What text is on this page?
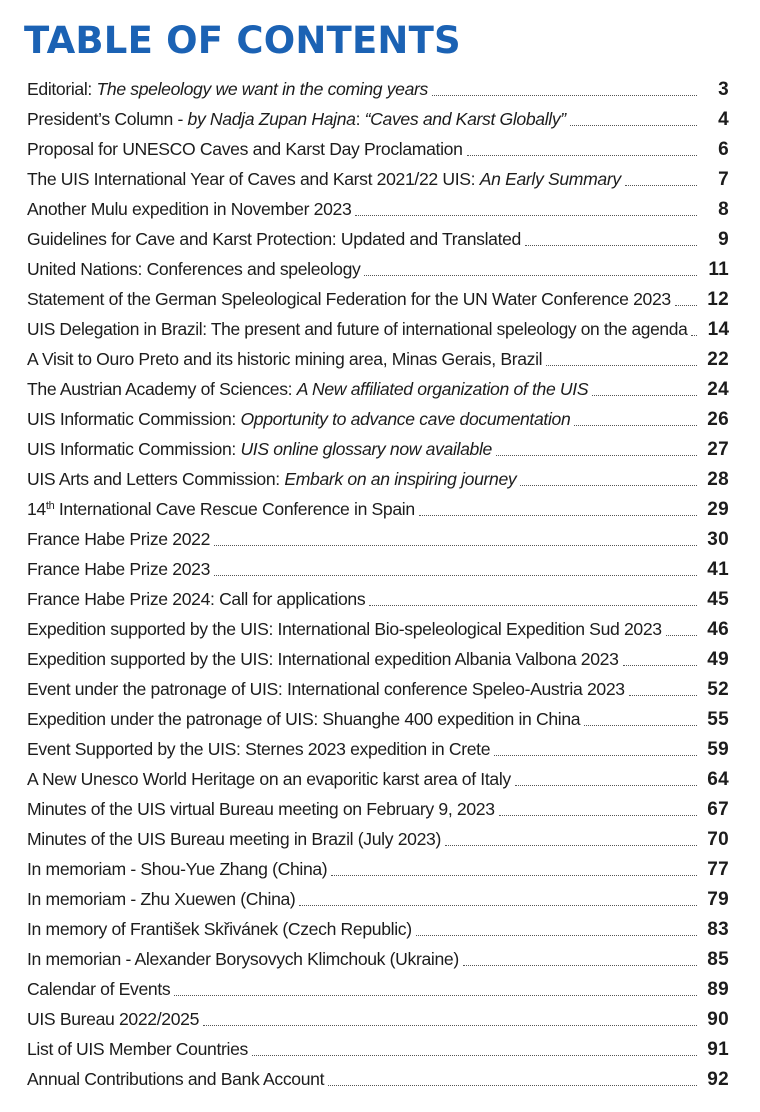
TABLE OF CONTENTS
Editorial: The speleology we want in the coming years	3
President’s Column - by Nadja Zupan Hajna: “Caves and Karst Globally”	4
Proposal for UNESCO Caves and Karst Day Proclamation	6
The UIS International Year of Caves and Karst 2021/22 UIS: An Early Summary	7
Another Mulu expedition in November 2023	8
Guidelines for Cave and Karst Protection: Updated and Translated	9
United Nations: Conferences and speleology	11
Statement of the German Speleological Federation for the UN Water Conference 2023	12
UIS Delegation in Brazil: The present and future of international speleology on the agenda	14
A Visit to Ouro Preto and its historic mining area, Minas Gerais, Brazil	22
The Austrian Academy of Sciences: A New affiliated organization of the UIS	24
UIS Informatic Commission: Opportunity to advance cave documentation	26
UIS Informatic Commission: UIS online glossary now available	27
UIS Arts and Letters Commission: Embark on an inspiring journey	28
14th International Cave Rescue Conference in Spain	29
France Habe Prize 2022	30
France Habe Prize 2023	41
France Habe Prize 2024: Call for applications	45
Expedition supported by the UIS: International Bio-speleological Expedition Sud 2023	46
Expedition supported by the UIS: International expedition Albania Valbona 2023	49
Event under the patronage of UIS: International conference Speleo-Austria 2023	52
Expedition under the patronage of UIS: Shuanghe 400 expedition in China	55
Event Supported by the UIS: Sternes 2023 expedition in Crete	59
A New Unesco World Heritage on an evaporitic karst area of Italy	64
Minutes of the UIS virtual Bureau meeting on February 9, 2023	67
Minutes of the UIS Bureau meeting in Brazil (July 2023)	70
In memoriam - Shou-Yue Zhang (China)	77
In memoriam - Zhu Xuewen (China)	79
In memory of František Skřivánek (Czech Republic)	83
In memorian - Alexander Borysovych Klimchouk (Ukraine)	85
Calendar of Events	89
UIS Bureau 2022/2025	90
List of UIS Member Countries	91
Annual Contributions and Bank Account	92
